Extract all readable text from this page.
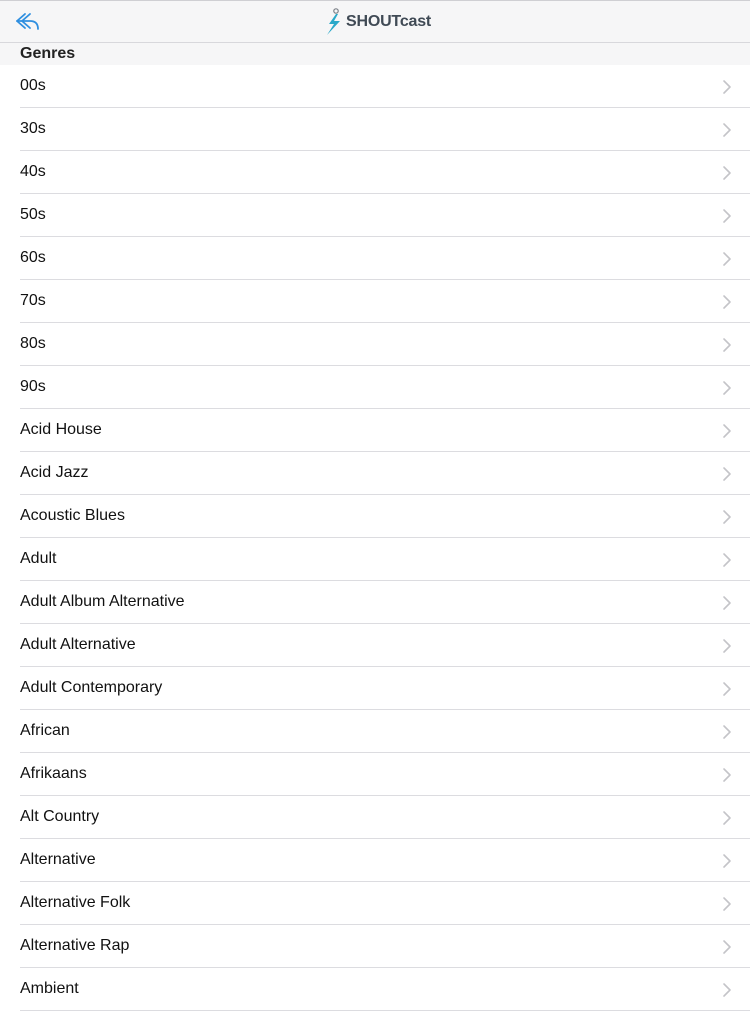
SHOUTcast
Genres
00s
30s
40s
50s
60s
70s
80s
90s
Acid House
Acid Jazz
Acoustic Blues
Adult
Adult Album Alternative
Adult Alternative
Adult Contemporary
African
Afrikaans
Alt Country
Alternative
Alternative Folk
Alternative Rap
Ambient
